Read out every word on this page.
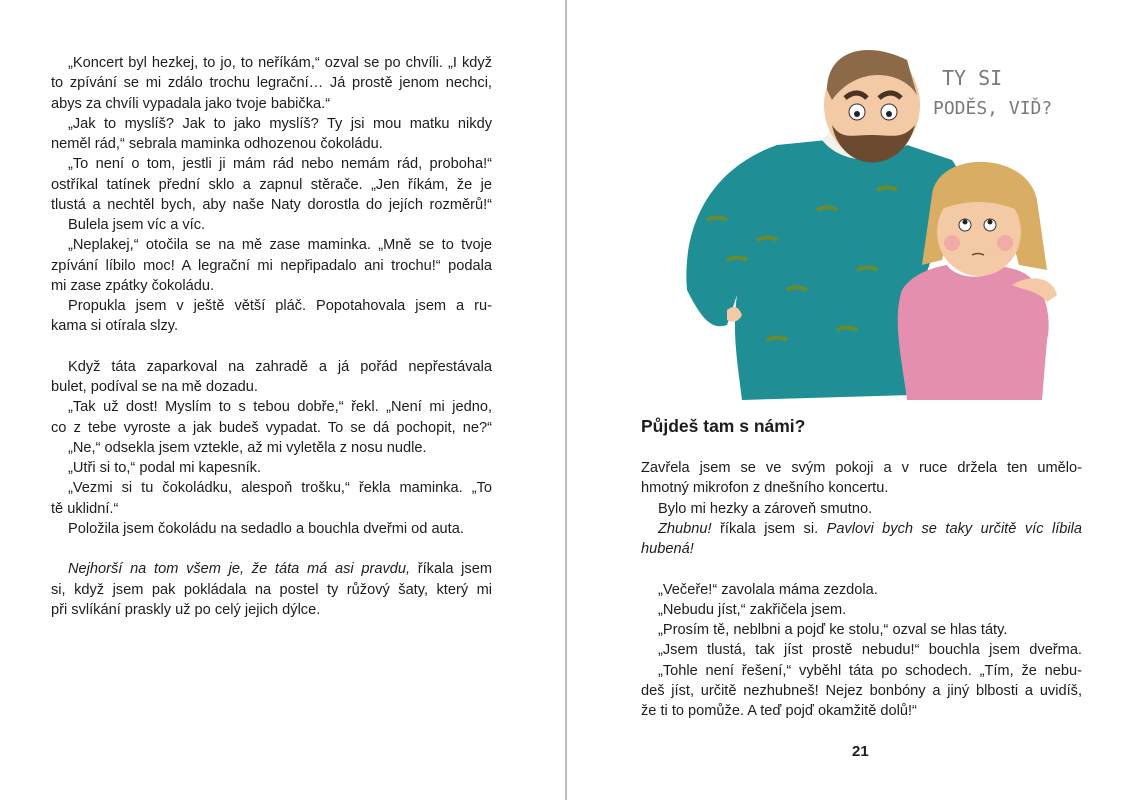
„Koncert byl hezkej, to jo, to neříkám,“ ozval se po chvíli. „I když
to zpívání se mi zdálo trochu legrační… Já prostě jenom nechci,
abys za chvíli vypadala jako tvoje babička.“
„Jak to myslíš? Jak to jako myslíš? Ty jsi mou matku nikdy
neměl rád,“ sebrala maminka odhozenou čokoládu.
„To není o tom, jestli ji mám rád nebo nemám rád, proboha!“
ostříkal tatínek přední sklo a zapnul stěrače. „Jen říkám, že je
tlustá a nechtěl bych, aby naše Naty dorostla do jejích rozměrů!“
Bulela jsem víc a víc.
„Neplakej,“ otočila se na mě zase maminka. „Mně se to tvoje
zpívání líbilo moc! A legrační mi nepřipadalo ani trochu!“ podala
mi zase zpátky čokoládu.
Propukla jsem v ještě větší pláč. Popotahovala jsem a ru-
kama si otírala slzy.
Když táta zaparkoval na zahradě a já pořád nepřestávala
bulet, podíval se na mě dozadu.
„Tak už dost! Myslím to s tebou dobře,“ řekl. „Není mi jedno,
co z tebe vyroste a jak budeš vypadat. To se dá pochopit, ne?“
„Ne,“ odsekla jsem vztekle, až mi vyletěla z nosu nudle.
„Utři si to,“ podal mi kapesník.
„Vezmi si tu čokoládku, alespoň trošku,“ řekla maminka. „To
tě uklidní.“
Položila jsem čokoládu na sedadlo a bouchla dveřmi od auta.
Nejhorší na tom všem je, že táta má asi pravdu, říkala jsem
si, když jsem pak pokládala na postel ty růžový šaty, který mi
při svlíkání praskly už po celý jejich dýlce.
TY SI
PODĚS, VIĎ?
Půjdeš tam s námi?
Zavřela jsem se ve svým pokoji a v ruce držela ten umělo-
hmotný mikrofon z dnešního koncertu.
Bylo mi hezky a zároveň smutno.
Zhubnu! říkala jsem si. Pavlovi bych se taky určitě víc líbila
hubená!
„Večeře!“ zavolala máma zezdola.
„Nebudu jíst,“ zakřičela jsem.
„Prosím tě, neblbni a pojď ke stolu,“ ozval se hlas táty.
„Jsem tlustá, tak jíst prostě nebudu!“ bouchla jsem dveřma.
„Tohle není řešení,“ vyběhl táta po schodech. „Tím, že nebu-
deš jíst, určitě nezhubneš! Nejez bonbóny a jiný blbosti a uvidíš,
že ti to pomůže. A teď pojď okamžitě dolů!“
21
